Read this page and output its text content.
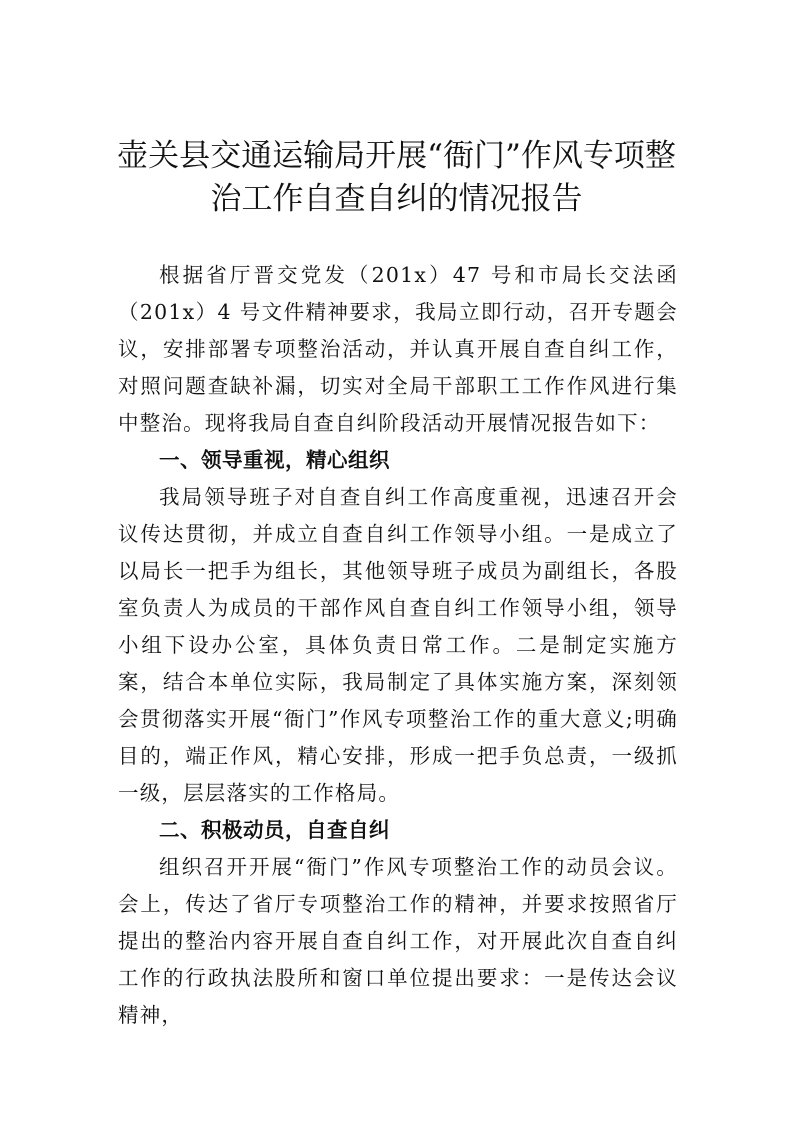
壶关县交通运输局开展“衙门”作风专项整
治工作自查自纠的情况报告

根据省厅晋交党发（201x）47 号和市局长交法函（201x）4 号文件精神要求，我局立即行动，召开专题会议，安排部署专项整治活动，并认真开展自查自纠工作，对照问题查缺补漏，切实对全局干部职工工作作风进行集中整治。现将我局自查自纠阶段活动开展情况报告如下：

一、领导重视，精心组织

我局领导班子对自查自纠工作高度重视，迅速召开会议传达贯彻，并成立自查自纠工作领导小组。一是成立了以局长一把手为组长，其他领导班子成员为副组长，各股室负责人为成员的干部作风自查自纠工作领导小组，领导小组下设办公室，具体负责日常工作。二是制定实施方案，结合本单位实际，我局制定了具体实施方案，深刻领会贯彻落实开展“衙门”作风专项整治工作的重大意义;明确目的，端正作风，精心安排，形成一把手负总责，一级抓一级，层层落实的工作格局。

二、积极动员，自查自纠

组织召开开展“衙门”作风专项整治工作的动员会议。会上，传达了省厅专项整治工作的精神，并要求按照省厅提出的整治内容开展自查自纠工作，对开展此次自查自纠工作的行政执法股所和窗口单位提出要求：一是传达会议精神，
